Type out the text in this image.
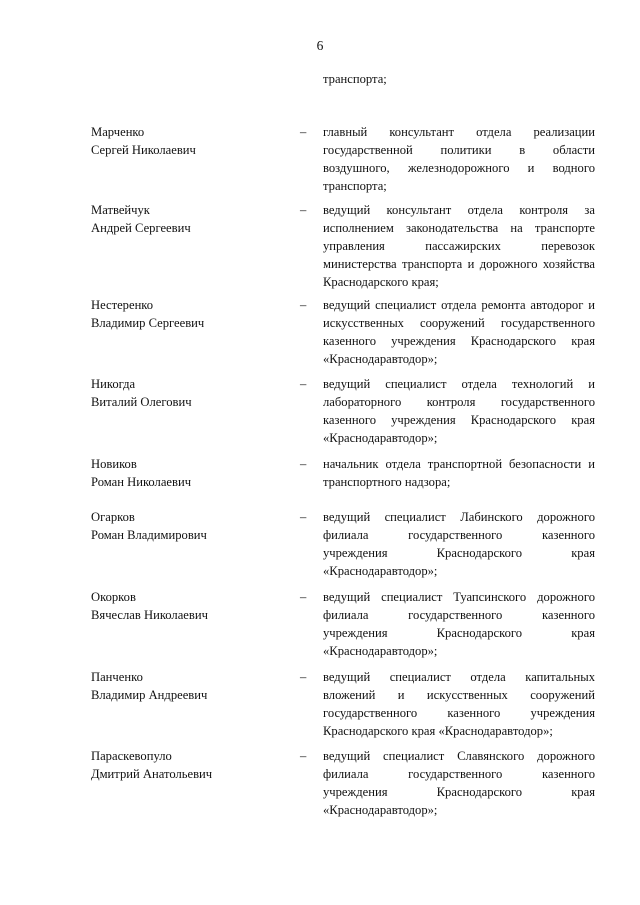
6
транспорта;
Марченко
Сергей Николаевич
–	главный консультант отдела реализации
государственной политики в области
воздушного, железнодорожного и водного
транспорта;
Матвейчук
Андрей Сергеевич
–	ведущий консультант отдела контроля за
исполнением законодательства на транспорте
управления пассажирских перевозок
министерства транспорта и дорожного хозяйства
Краснодарского края;
Нестеренко
Владимир Сергеевич
–	ведущий специалист отдела ремонта автодорог и
искусственных сооружений государственного
казенного учреждения Краснодарского края
«Краснодаравтодор»;
Никогда
Виталий Олегович
–	ведущий специалист отдела технологий и
лабораторного контроля государственного
казенного учреждения Краснодарского края
«Краснодаравтодор»;
Новиков
Роман Николаевич
–	начальник отдела транспортной безопасности и
транспортного надзора;
Огарков
Роман Владимирович
–	ведущий специалист Лабинского дорожного
филиала государственного казенного
учреждения Краснодарского края
«Краснодаравтодор»;
Окорков
Вячеслав Николаевич
–	ведущий специалист Туапсинского дорожного
филиала государственного казенного
учреждения Краснодарского края
«Краснодаравтодор»;
Панченко
Владимир Андреевич
–	ведущий специалист отдела капитальных
вложений и искусственных сооружений
государственного казенного учреждения
Краснодарского края «Краснодаравтодор»;
Параскевопуло
Дмитрий Анатольевич
–	ведущий специалист Славянского дорожного
филиала государственного казенного
учреждения Краснодарского края
«Краснодаравтодор»;
